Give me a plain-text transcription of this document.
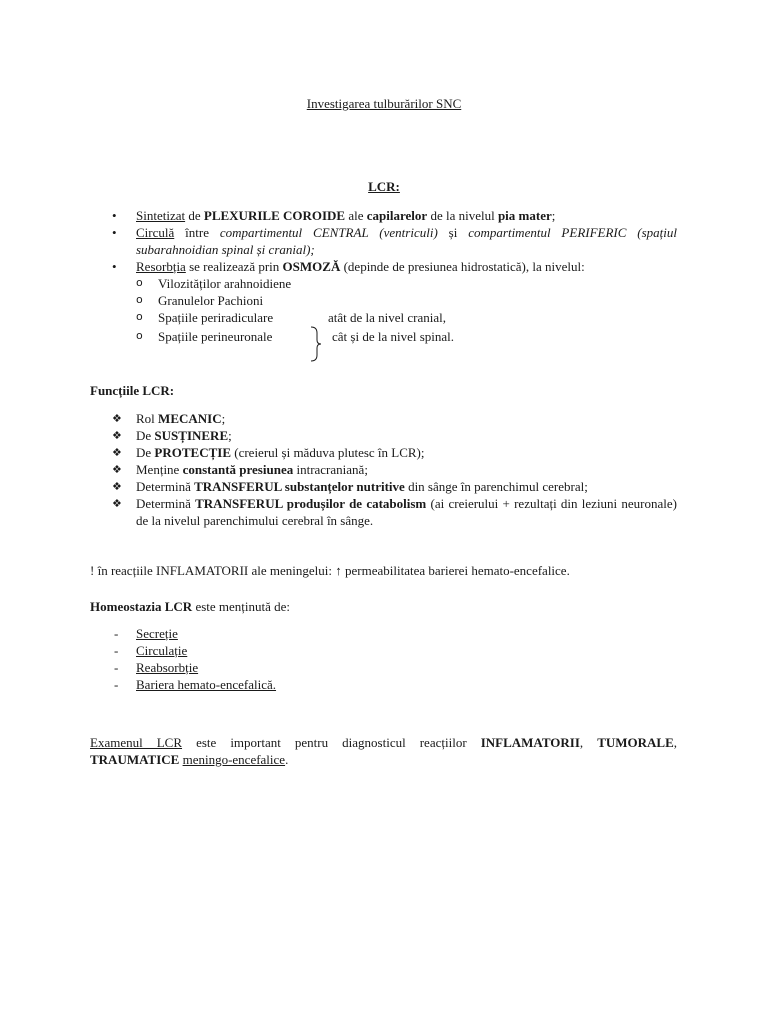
Investigarea tulburărilor SNC
LCR:
• Sintetizat de PLEXURILE COROIDE ale capilarelor de la nivelul pia mater;
• Circulă între compartimentul CENTRAL (ventriculi) și compartimentul PERIFERIC (spațiul subarahnoidian spinal și cranial);
• Resorbția se realizează prin OSMOZĂ (depinde de presiunea hidrostatică), la nivelul:
o Vilozităților arahnoidiene
o Granulelor Pachioni
o Spațiile periradiculare	atât de la nivel cranial,
o Spațiile perineuronale	cât și de la nivel spinal.
Funcțiile LCR:
❖ Rol MECANIC;
❖ De SUSȚINERE;
❖ De PROTECȚIE (creierul și măduva plutesc în LCR);
❖ Menține constantă presiunea intracraniană;
❖ Determină TRANSFERUL substanțelor nutritive din sânge în parenchimul cerebral;
❖ Determină TRANSFERUL produșilor de catabolism (ai creierului + rezultați din leziuni neuronale) de la nivelul parenchimului cerebral în sânge.
! în reacțiile INFLAMATORII ale meningelui: ↑ permeabilitatea barierei hemato-encefalice.
Homeostazia LCR este menținută de:
- Secreție
- Circulație
- Reabsorbție
- Bariera hemato-encefalică.
Examenul LCR este important pentru diagnosticul reacțiilor INFLAMATORII, TUMORALE, TRAUMATICE meningo-encefalice.
